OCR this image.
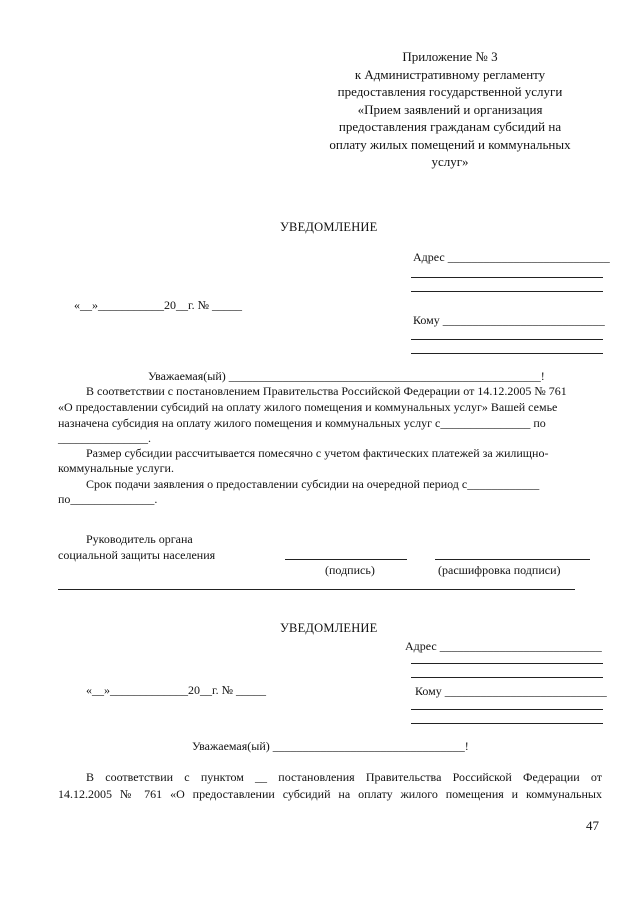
Приложение № 3
к Административному регламенту
предоставления государственной услуги
«Прием заявлений и организация
предоставления гражданам субсидий на
оплату жилых помещений и коммунальных
услуг»
УВЕДОМЛЕНИЕ
Адрес ___________________________
«__»___________20__г. № _____
Кому ___________________________
Уважаемая(ый) ____________________________________________________!
В соответствии с постановлением Правительства Российской Федерации от 14.12.2005 № 761
«О предоставлении субсидий на оплату жилого помещения и коммунальных услуг» Вашей семье
назначена субсидия на оплату жилого помещения и коммунальных услуг с_______________ по
_______________.
Размер субсидии рассчитывается помесячно с учетом фактических платежей за жилищно-
коммунальные услуги.
Срок подачи заявления о предоставлении субсидии на очередной период с____________
по______________.
Руководитель органа
социальной защиты населения
(подпись)	(расшифровка подписи)
УВЕДОМЛЕНИЕ
Адрес ___________________________
«__»_____________20__г. № _____	Кому ___________________________
Уважаемая(ый) ________________________________!
В соответствии с пунктом __ постановления Правительства Российской Федерации от
14.12.2005 № 761 «О предоставлении субсидий на оплату жилого помещения и коммунальных
47
